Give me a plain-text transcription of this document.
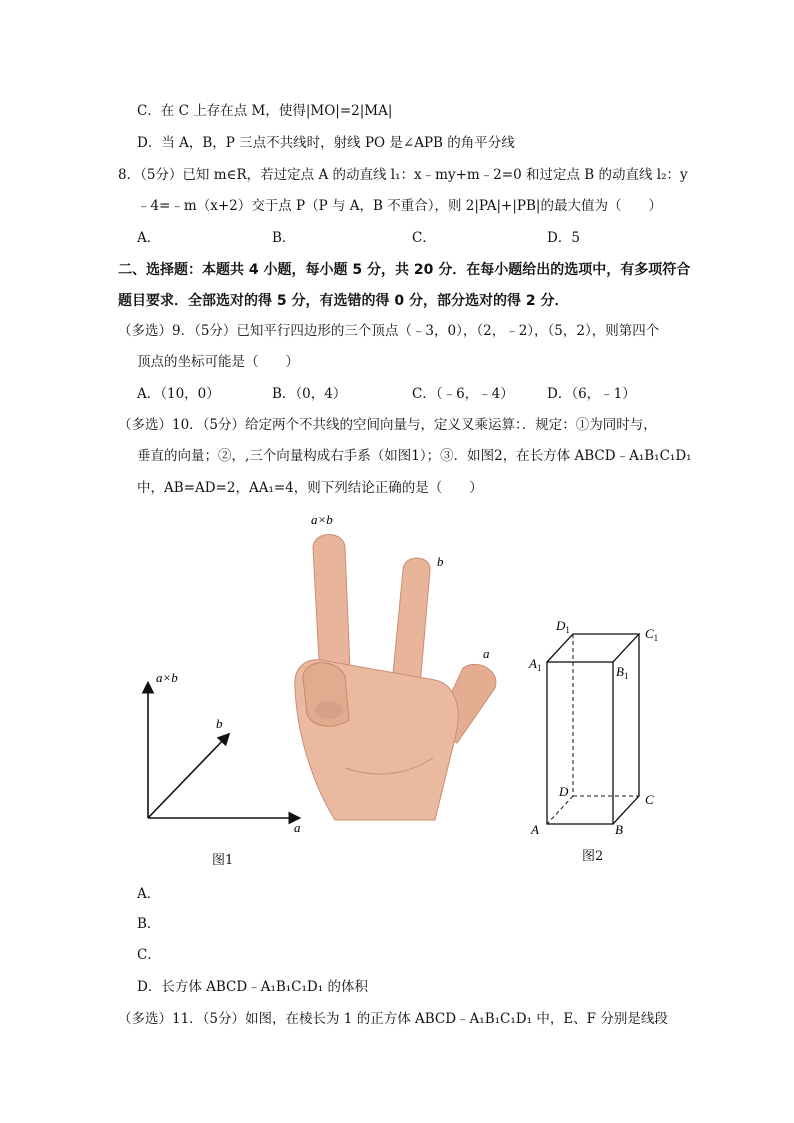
C．在 C 上存在点 M，使得|MO|=2|MA|
D．当 A，B，P 三点不共线时，射线 PO 是∠APB 的角平分线
8．（5分）已知 m∈R，若过定点 A 的动直线 l₁：x﹣my+m﹣2=0 和过定点 B 的动直线 l₂：y
﹣4=﹣m（x+2）交于点 P（P 与 A，B 不重合），则 2|PA|+|PB|的最大值为（　　）
A．	B．	C．	D．5
二、选择题：本题共 4 小题，每小题 5 分，共 20 分．在每小题给出的选项中，有多项符合
题目要求．全部选对的得 5 分，有选错的得 0 分，部分选对的得 2 分．
（多选）9．（5分）已知平行四边形的三个顶点（﹣3，0），（2，﹣2），（5，2），则第四个
顶点的坐标可能是（　　）
A．（10，0）	B．（0，4）	C．（﹣6，﹣4） D．（6，﹣1）
（多选）10．（5分）给定两个不共线的空间向量与，定义叉乘运算：．规定：①为同时与，
垂直的向量；②，,三个向量构成右手系（如图1）；③．如图2，在长方体 ABCD﹣A₁B₁C₁D₁
中，AB=AD=2，AA₁=4，则下列结论正确的是（　　）
a×b
b
a
图1
a×b
b
a
$D_1$	$C_1$
$A_1$	$B_1$
D
C
A	B
图2
A．
B．
C．
D．长方体 ABCD﹣A₁B₁C₁D₁ 的体积
（多选）11．（5分）如图，在棱长为 1 的正方体 ABCD﹣A₁B₁C₁D₁ 中，E、F 分别是线段
